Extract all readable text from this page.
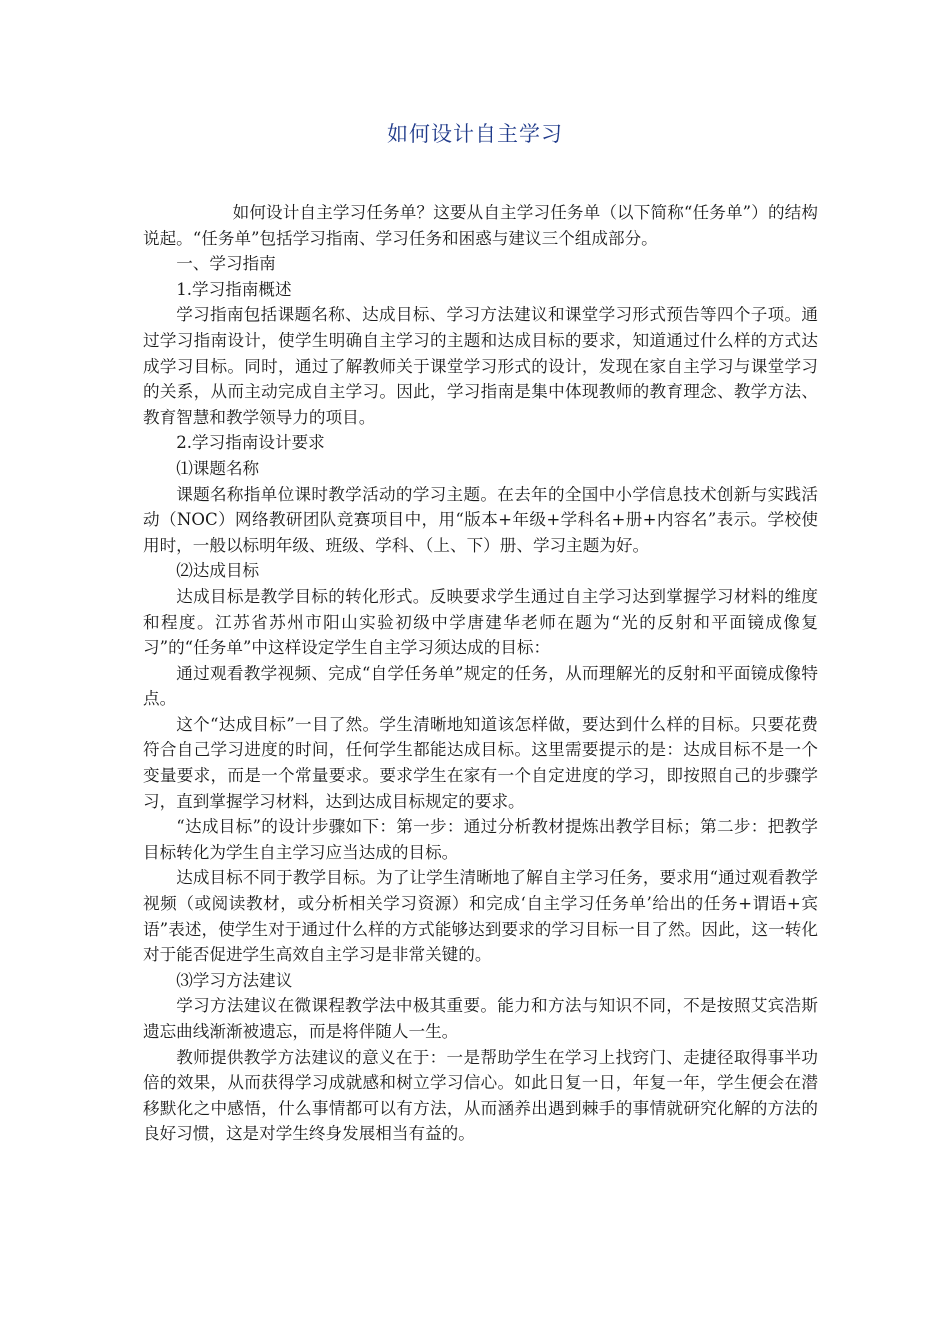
如何设计自主学习

如何设计自主学习任务单？这要从自主学习任务单（以下简称“任务单”）的结构说起。“任务单”包括学习指南、学习任务和困惑与建议三个组成部分。

一、学习指南

1.学习指南概述

学习指南包括课题名称、达成目标、学习方法建议和课堂学习形式预告等四个子项。通过学习指南设计，使学生明确自主学习的主题和达成目标的要求，知道通过什么样的方式达成学习目标。同时，通过了解教师关于课堂学习形式的设计，发现在家自主学习与课堂学习的关系，从而主动完成自主学习。因此，学习指南是集中体现教师的教育理念、教学方法、教育智慧和教学领导力的项目。

2.学习指南设计要求

⑴课题名称

课题名称指单位课时教学活动的学习主题。在去年的全国中小学信息技术创新与实践活动（NOC）网络教研团队竞赛项目中，用“版本+年级+学科名+册+内容名”表示。学校使用时，一般以标明年级、班级、学科、（上、下）册、学习主题为好。

⑵达成目标

达成目标是教学目标的转化形式。反映要求学生通过自主学习达到掌握学习材料的维度和程度。江苏省苏州市阳山实验初级中学唐建华老师在题为“光的反射和平面镜成像复习”的“任务单”中这样设定学生自主学习须达成的目标：

通过观看教学视频、完成“自学任务单”规定的任务，从而理解光的反射和平面镜成像特点。

这个“达成目标”一目了然。学生清晰地知道该怎样做，要达到什么样的目标。只要花费符合自己学习进度的时间，任何学生都能达成目标。这里需要提示的是：达成目标不是一个变量要求，而是一个常量要求。要求学生在家有一个自定进度的学习，即按照自己的步骤学习，直到掌握学习材料，达到达成目标规定的要求。

“达成目标”的设计步骤如下：第一步：通过分析教材提炼出教学目标；第二步：把教学目标转化为学生自主学习应当达成的目标。

达成目标不同于教学目标。为了让学生清晰地了解自主学习任务，要求用“通过观看教学视频（或阅读教材，或分析相关学习资源）和完成‘自主学习任务单’给出的任务+谓语+宾语”表述，使学生对于通过什么样的方式能够达到要求的学习目标一目了然。因此，这一转化对于能否促进学生高效自主学习是非常关键的。

⑶学习方法建议

学习方法建议在微课程教学法中极其重要。能力和方法与知识不同，不是按照艾宾浩斯遗忘曲线渐渐被遗忘，而是将伴随人一生。

教师提供教学方法建议的意义在于：一是帮助学生在学习上找窍门、走捷径取得事半功倍的效果，从而获得学习成就感和树立学习信心。如此日复一日，年复一年，学生便会在潜移默化之中感悟，什么事情都可以有方法，从而涵养出遇到棘手的事情就研究化解的方法的良好习惯，这是对学生终身发展相当有益的。
